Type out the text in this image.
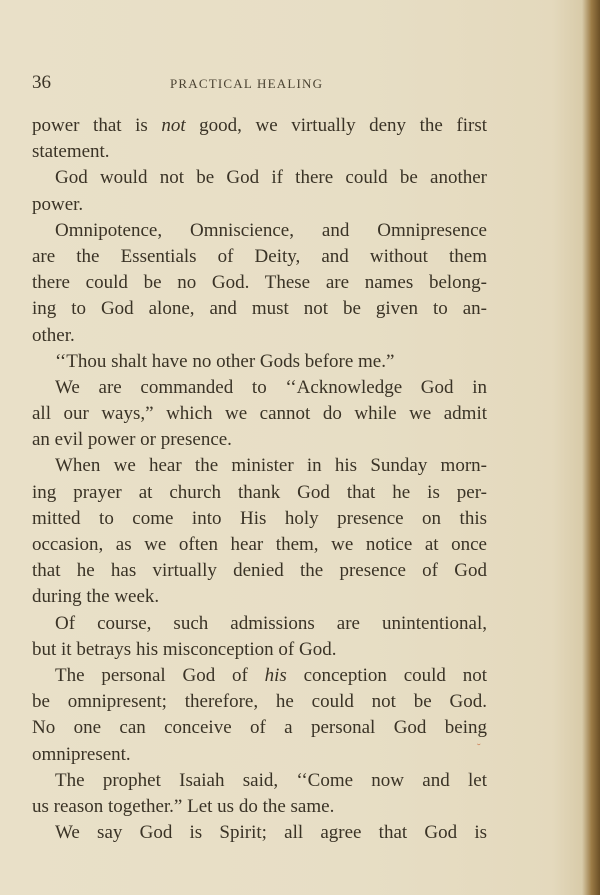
36	PRACTICAL HEALING
power that is not good, we virtually deny the first
statement.
God would not be God if there could be another
power.
Omnipotence, Omniscience, and Omnipresence
are the Essentials of Deity, and without them
there could be no God. These are names belong-
ing to God alone, and must not be given to an-
other.
‘‘Thou shalt have no other Gods before me.”
We are commanded to ‘‘Acknowledge God in
all our ways,” which we cannot do while we admit
an evil power or presence.
When we hear the minister in his Sunday morn-
ing prayer at church thank God that he is per-
mitted to come into His holy presence on this
occasion, as we often hear them, we notice at once
that he has virtually denied the presence of God
during the week.
Of course, such admissions are unintentional,
but it betrays his misconception of God.
The personal God of his conception could not
be omnipresent; therefore, he could not be God.
No one can conceive of a personal God being
omnipresent.
The prophet Isaiah said, ‘‘Come now and let
us reason together.” Let us do the same.
We say God is Spirit; all agree that God is
˘
